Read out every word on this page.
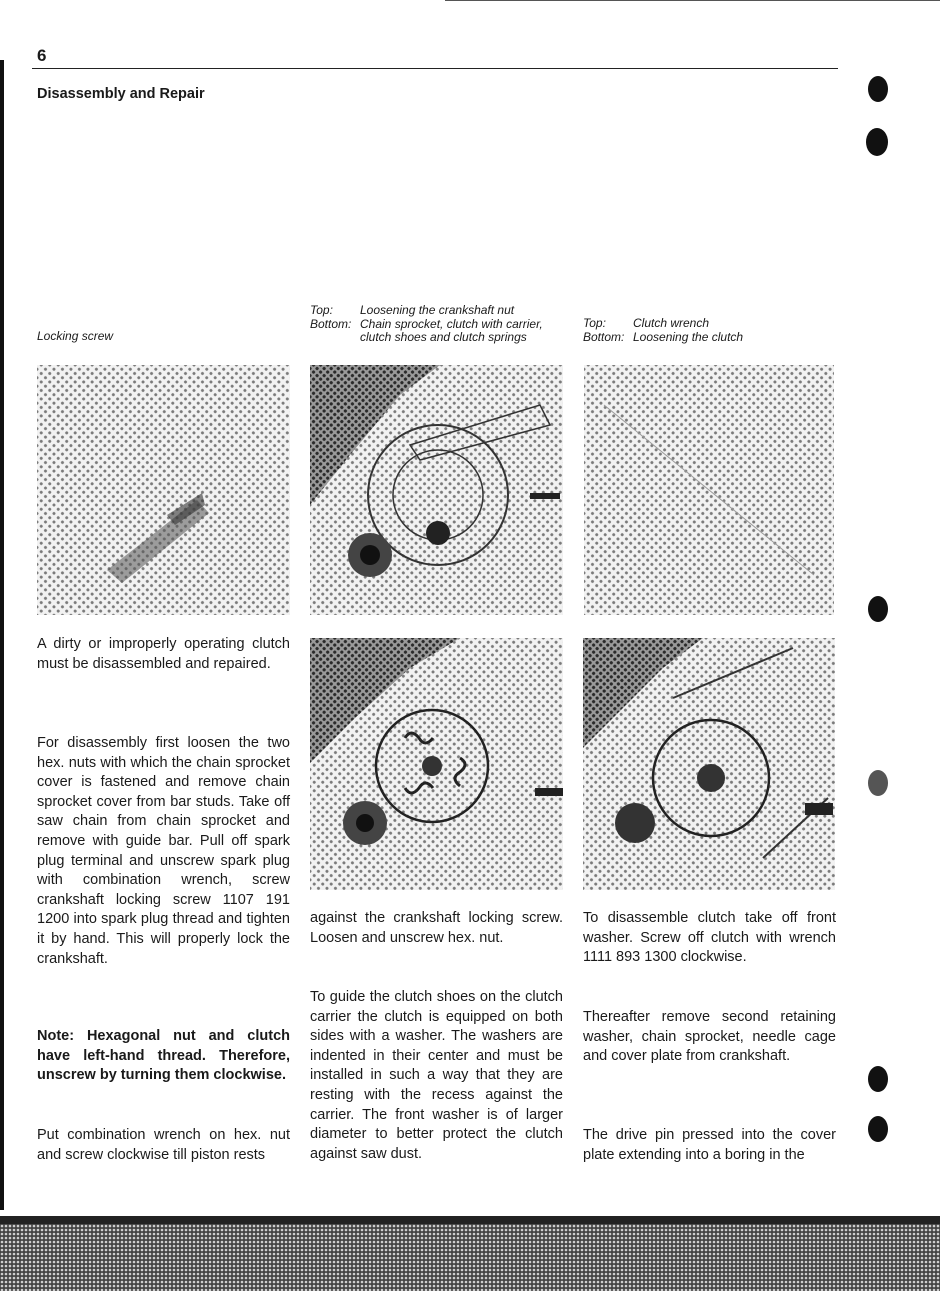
6
Disassembly and Repair
Locking screw
Top: Loosening the crankshaft nut
Bottom: Chain sprocket, clutch with carrier,
clutch shoes and clutch springs
Top: Clutch wrench
Bottom: Loosening the clutch
A dirty or improperly operating clutch must be disassembled and repaired.
For disassembly first loosen the two hex. nuts with which the chain sprocket cover is fastened and remove chain sprocket cover from bar studs. Take off saw chain from chain sprocket and remove with guide bar. Pull off spark plug terminal and unscrew spark plug with combination wrench, screw crankshaft locking screw 1107 191 1200 into spark plug thread and tighten it by hand. This will properly lock the crankshaft.
Note: Hexagonal nut and clutch have left-hand thread. Therefore, unscrew by turning them clockwise.
Put combination wrench on hex. nut and screw clockwise till piston rests
against the crankshaft locking screw. Loosen and unscrew hex. nut.
To guide the clutch shoes on the clutch carrier the clutch is equipped on both sides with a washer. The washers are indented in their center and must be installed in such a way that they are resting with the recess against the carrier. The front washer is of larger diameter to better protect the clutch against saw dust.
To disassemble clutch take off front washer. Screw off clutch with wrench 1111 893 1300 clockwise.
Thereafter remove second retaining washer, chain sprocket, needle cage and cover plate from crankshaft.
The drive pin pressed into the cover plate extending into a boring in the
